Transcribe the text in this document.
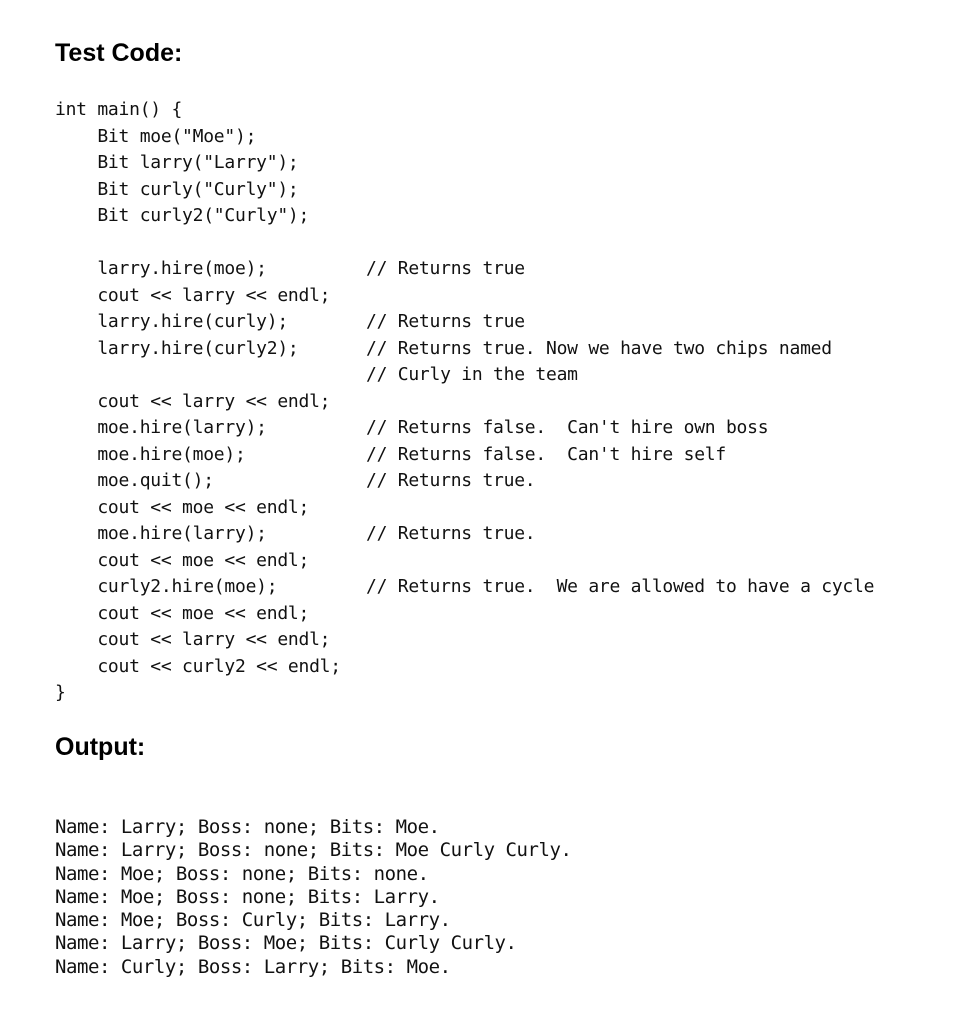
Test Code:
int main() {
Bit moe("Moe");
Bit larry("Larry");
Bit curly("Curly");
Bit curly2("Curly");
larry.hire(moe);	// Returns true
cout << larry << endl;
larry.hire(curly);	// Returns true
larry.hire(curly2);	// Returns true. Now we have two chips named
// Curly in the team
cout << larry << endl;
moe.hire(larry);	// Returns false.  Can't hire own boss
moe.hire(moe);	// Returns false.  Can't hire self
moe.quit();	// Returns true.
cout << moe << endl;
moe.hire(larry);	// Returns true.
cout << moe << endl;
curly2.hire(moe);	// Returns true.  We are allowed to have a cycle
cout << moe << endl;
cout << larry << endl;
cout << curly2 << endl;
}
Output:
Name: Larry; Boss: none; Bits: Moe.
Name: Larry; Boss: none; Bits: Moe Curly Curly.
Name: Moe; Boss: none; Bits: none.
Name: Moe; Boss: none; Bits: Larry.
Name: Moe; Boss: Curly; Bits: Larry.
Name: Larry; Boss: Moe; Bits: Curly Curly.
Name: Curly; Boss: Larry; Bits: Moe.
